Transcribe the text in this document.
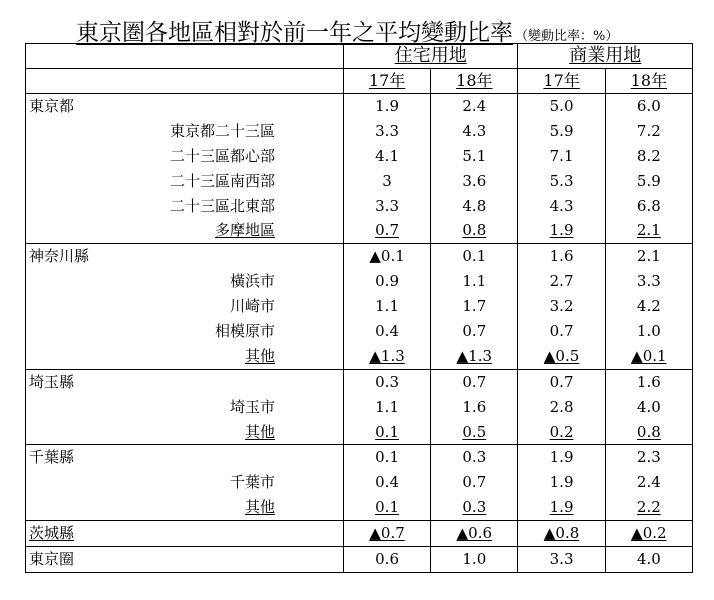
東京圏各地區相對於前一年之平均變動比率 （變動比率：%）
	住宅用地		商業用地	
	17年	18年	17年	18年
東京都	1.9	2.4	5.0	6.0
東京都二十三區	3.3	4.3	5.9	7.2
二十三區都心部	4.1	5.1	7.1	8.2
二十三區南西部	3	3.6	5.3	5.9
二十三區北東部	3.3	4.8	4.3	6.8
多摩地區	0.7	0.8	1.9	2.1
神奈川縣	▲0.1	0.1	1.6	2.1
橫浜市	0.9	1.1	2.7	3.3
川崎市	1.1	1.7	3.2	4.2
相模原市	0.4	0.7	0.7	1.0
其他	▲1.3	▲1.3	▲0.5	▲0.1
埼玉縣	0.3	0.7	0.7	1.6
埼玉市	1.1	1.6	2.8	4.0
其他	0.1	0.5	0.2	0.8
千葉縣	0.1	0.3	1.9	2.3
千葉市	0.4	0.7	1.9	2.4
其他	0.1	0.3	1.9	2.2
茨城縣	▲0.7	▲0.6	▲0.8	▲0.2
東京圈	0.6	1.0	3.3	4.0
